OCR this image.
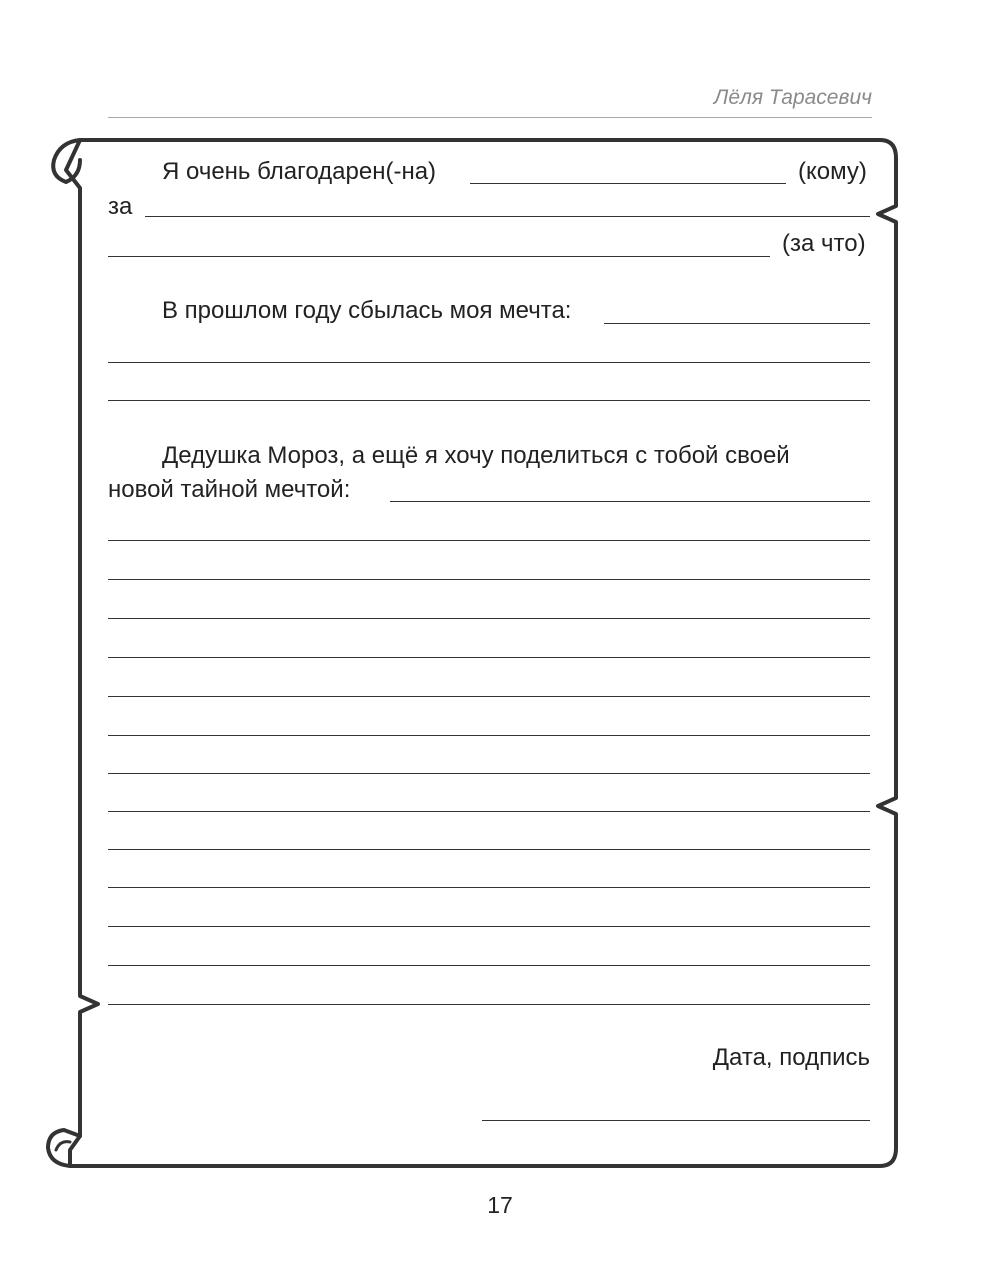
Лёля Тарасевич
Я очень благодарен(-на)	(кому)
за
(за что)
В прошлом году сбылась моя мечта:
Дедушка Мороз, а ещё я хочу поделиться с тобой своей
новой тайной мечтой:
Дата, подпись
17
